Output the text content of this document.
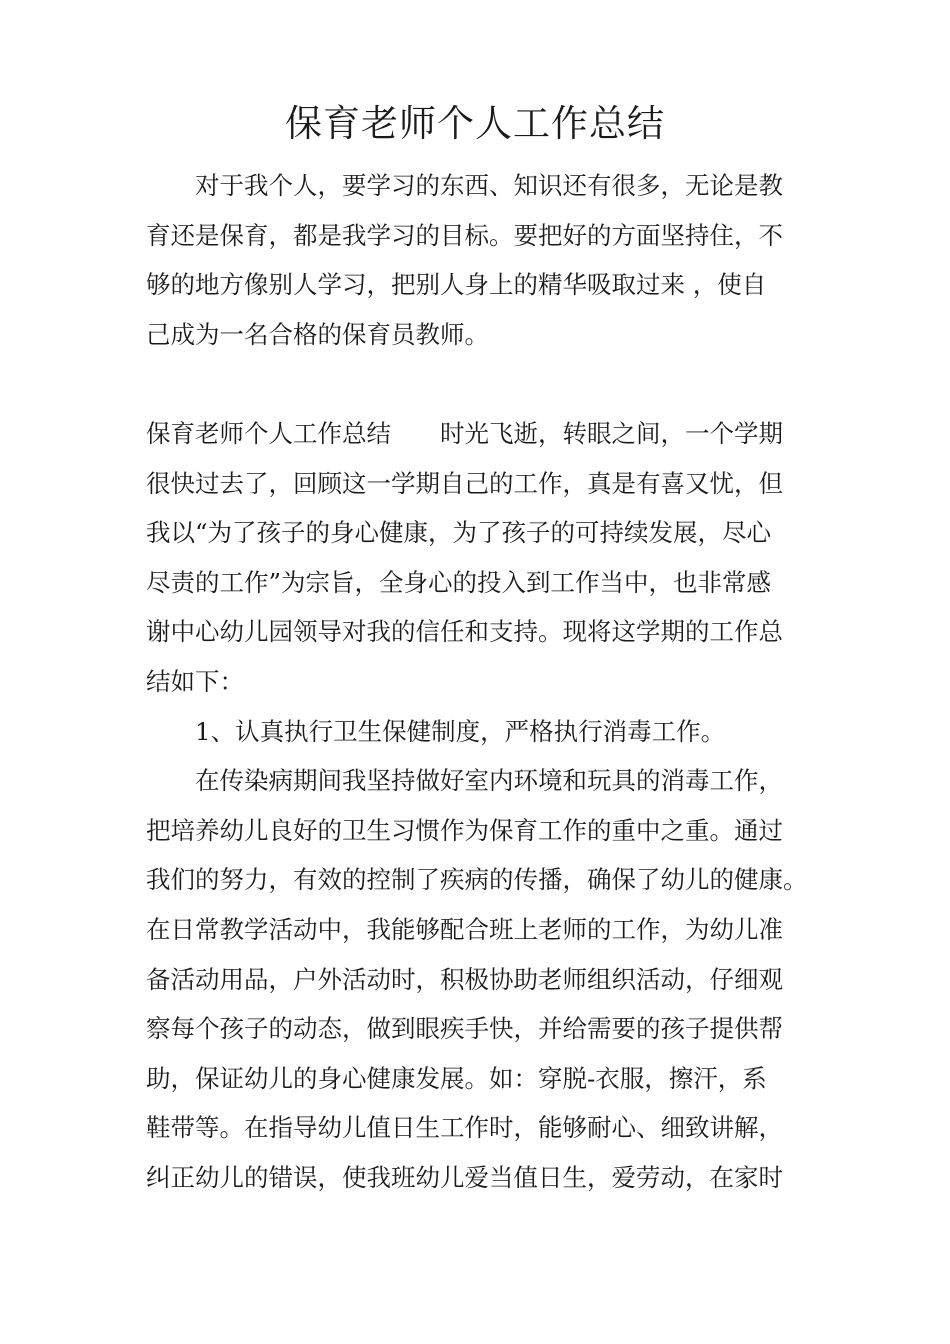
保育老师个人工作总结
对于我个人，要学习的东西、知识还有很多，无论是教
育还是保育，都是我学习的目标。要把好的方面坚持住，不
够的地方像别人学习，把别人身上的精华吸取过来 ，使自
己成为一名合格的保育员教师。
保育老师个人工作总结　　时光飞逝，转眼之间，一个学期
很快过去了，回顾这一学期自己的工作，真是有喜又忧，但
我以“为了孩子的身心健康，为了孩子的可持续发展，尽心
尽责的工作”为宗旨，全身心的投入到工作当中，也非常感
谢中心幼儿园领导对我的信任和支持。现将这学期的工作总
结如下：
1、认真执行卫生保健制度，严格执行消毒工作。
在传染病期间我坚持做好室内环境和玩具的消毒工作，
把培养幼儿良好的卫生习惯作为保育工作的重中之重。通过
我们的努力，有效的控制了疾病的传播，确保了幼儿的健康。
在日常教学活动中，我能够配合班上老师的工作，为幼儿准
备活动用品，户外活动时，积极协助老师组织活动，仔细观
察每个孩子的动态，做到眼疾手快，并给需要的孩子提供帮
助，保证幼儿的身心健康发展。如：穿脱-衣服，擦汗，系
鞋带等。在指导幼儿值日生工作时，能够耐心、细致讲解，
纠正幼儿的错误，使我班幼儿爱当值日生，爱劳动，在家时
